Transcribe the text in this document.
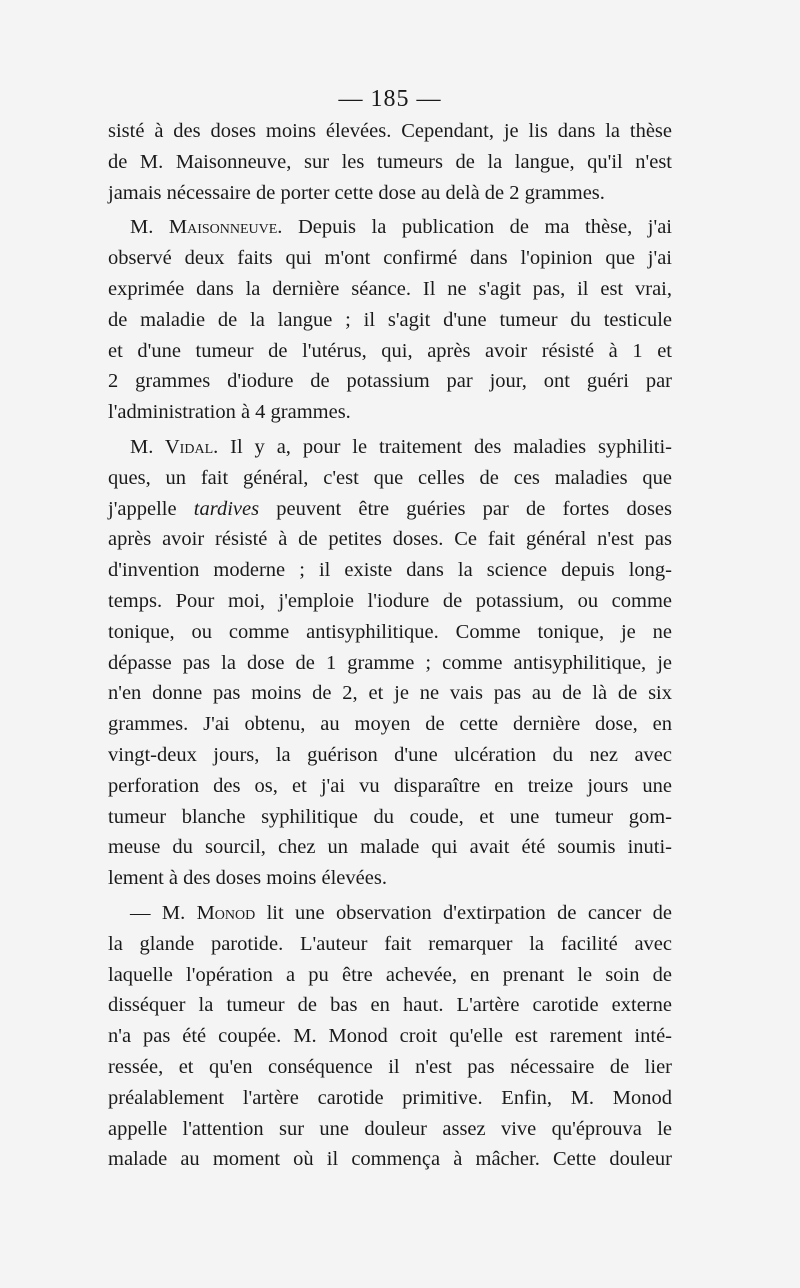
— 185 —
sisté à des doses moins élevées. Cependant, je lis dans la thèse
de M. Maisonneuve, sur les tumeurs de la langue, qu'il n'est
jamais nécessaire de porter cette dose au delà de 2 grammes.
M. Maisonneuve. Depuis la publication de ma thèse, j'ai
observé deux faits qui m'ont confirmé dans l'opinion que j'ai
exprimée dans la dernière séance. Il ne s'agit pas, il est vrai,
de maladie de la langue ; il s'agit d'une tumeur du testicule
et d'une tumeur de l'utérus, qui, après avoir résisté à 1 et
2 grammes d'iodure de potassium par jour, ont guéri par
l'administration à 4 grammes.
M. Vidal. Il y a, pour le traitement des maladies syphiliti-
ques, un fait général, c'est que celles de ces maladies que
j'appelle tardives peuvent être guéries par de fortes doses
après avoir résisté à de petites doses. Ce fait général n'est pas
d'invention moderne ; il existe dans la science depuis long-
temps. Pour moi, j'emploie l'iodure de potassium, ou comme
tonique, ou comme antisyphilitique. Comme tonique, je ne
dépasse pas la dose de 1 gramme ; comme antisyphilitique, je
n'en donne pas moins de 2, et je ne vais pas au de là de six
grammes. J'ai obtenu, au moyen de cette dernière dose, en
vingt-deux jours, la guérison d'une ulcération du nez avec
perforation des os, et j'ai vu disparaître en treize jours une
tumeur blanche syphilitique du coude, et une tumeur gom-
meuse du sourcil, chez un malade qui avait été soumis inuti-
lement à des doses moins élevées.
— M. Monod lit une observation d'extirpation de cancer de
la glande parotide. L'auteur fait remarquer la facilité avec
laquelle l'opération a pu être achevée, en prenant le soin de
disséquer la tumeur de bas en haut. L'artère carotide externe
n'a pas été coupée. M. Monod croit qu'elle est rarement inté-
ressée, et qu'en conséquence il n'est pas nécessaire de lier
préalablement l'artère carotide primitive. Enfin, M. Monod
appelle l'attention sur une douleur assez vive qu'éprouva le
malade au moment où il commença à mâcher. Cette douleur
